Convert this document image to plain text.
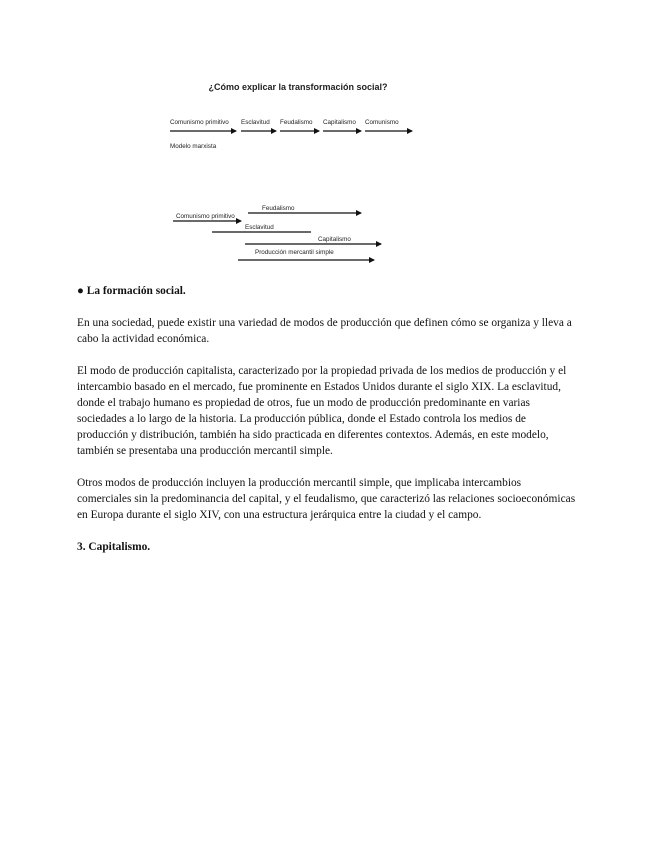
¿Cómo explicar la transformación social?
Comunismo primitivo Esclavitud Feudalismo Capitalismo Comunismo
Modelo marxista
Feudalismo
Comunismo primitivo
Esclavitud
Capitalismo
Producción mercantil simple

● La formación social.

En una sociedad, puede existir una variedad de modos de producción que definen cómo se organiza y lleva a cabo la actividad económica.

El modo de producción capitalista, caracterizado por la propiedad privada de los medios de producción y el intercambio basado en el mercado, fue prominente en Estados Unidos durante el siglo XIX. La esclavitud, donde el trabajo humano es propiedad de otros, fue un modo de producción predominante en varias sociedades a lo largo de la historia. La producción pública, donde el Estado controla los medios de producción y distribución, también ha sido practicada en diferentes contextos. Además, en este modelo, también se presentaba una producción mercantil simple.

Otros modos de producción incluyen la producción mercantil simple, que implicaba intercambios comerciales sin la predominancia del capital, y el feudalismo, que caracterizó las relaciones socioeconómicas en Europa durante el siglo XIV, con una estructura jerárquica entre la ciudad y el campo.

3. Capitalismo.
